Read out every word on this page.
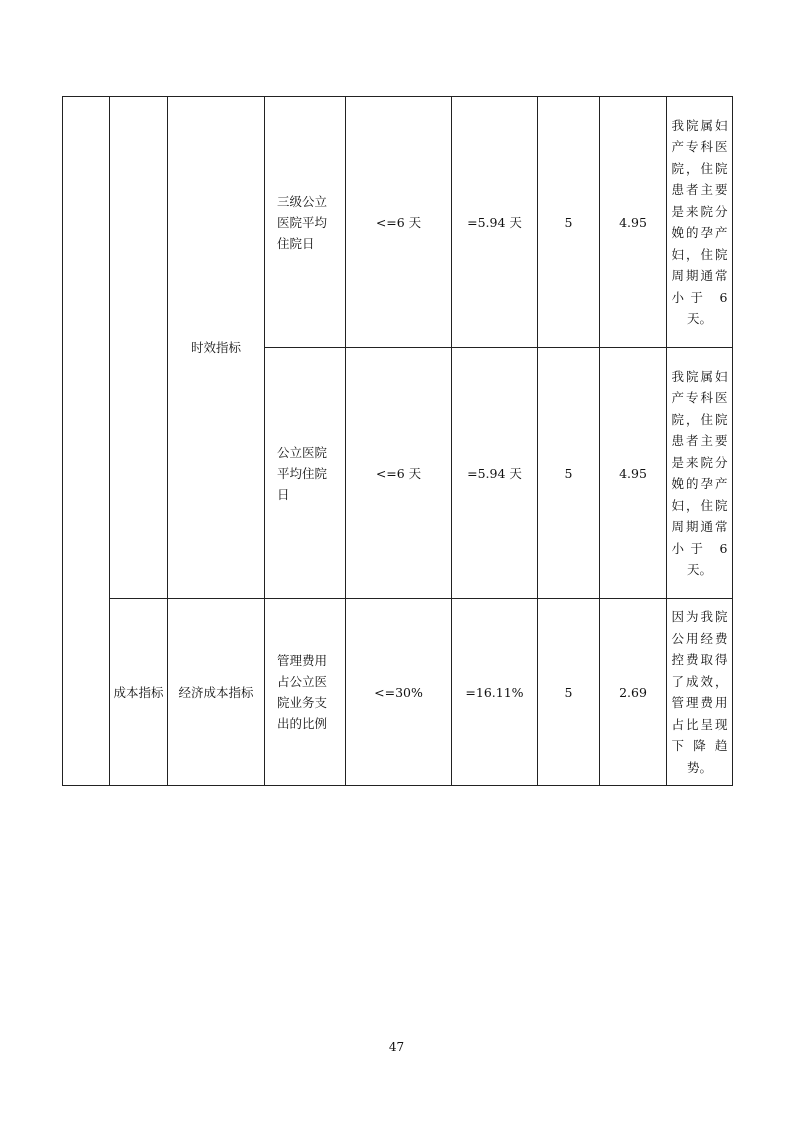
		时效指标	三级公立医院平均住院日	<=6 天	=5.94 天	5	4.95	我院属妇产专科医院，住院患者主要是来院分娩的孕产妇，住院周期通常小于 6 天。

			公立医院平均住院日	<=6 天	=5.94 天	5	4.95	我院属妇产专科医院，住院患者主要是来院分娩的孕产妇，住院周期通常小于 6 天。

	成本指标	经济成本指标	管理费用占公立医院业务支出的比例	<=30%	=16.11%	5	2.69	因为我院公用经费控费取得了成效，管理费用占比呈现下降趋势。
47
